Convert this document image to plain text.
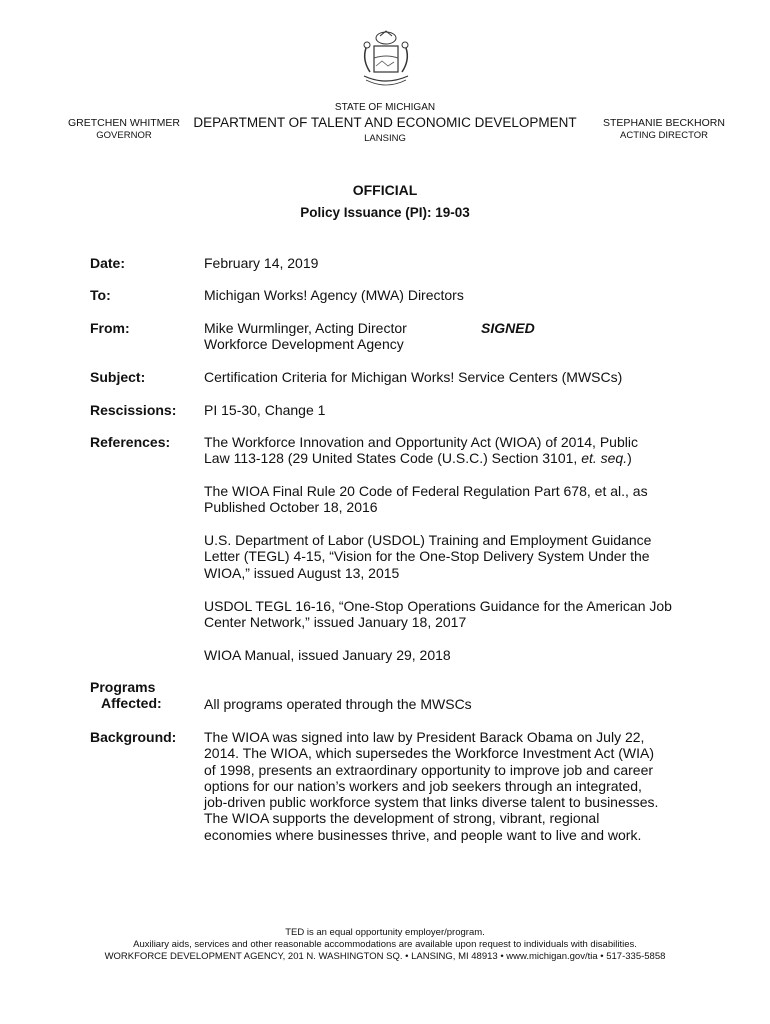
STATE OF MICHIGAN
DEPARTMENT OF TALENT AND ECONOMIC DEVELOPMENT
LANSING
GRETCHEN WHITMER
GOVERNOR
STEPHANIE BECKHORN
ACTING DIRECTOR
OFFICIAL
Policy Issuance (PI): 19-03
Date:	February 14, 2019
To:	Michigan Works! Agency (MWA) Directors
From:	Mike Wurmlinger, Acting Director
Workforce Development Agency
SIGNED
Subject:	Certification Criteria for Michigan Works! Service Centers (MWSCs)
Rescissions: PI 15-30, Change 1
References: The Workforce Innovation and Opportunity Act (WIOA) of 2014, Public
Law 113-128 (29 United States Code (U.S.C.) Section 3101, et. seq.)
The WIOA Final Rule 20 Code of Federal Regulation Part 678, et al., as Published October 18, 2016
U.S. Department of Labor (USDOL) Training and Employment Guidance Letter (TEGL) 4-15, “Vision for the One-Stop Delivery System Under the WIOA,” issued August 13, 2015
USDOL TEGL 16-16, “One-Stop Operations Guidance for the American Job Center Network,” issued January 18, 2017
WIOA Manual, issued January 29, 2018
Programs
Affected:	All programs operated through the MWSCs
Background: The WIOA was signed into law by President Barack Obama on July 22, 2014. The WIOA, which supersedes the Workforce Investment Act (WIA) of 1998, presents an extraordinary opportunity to improve job and career options for our nation’s workers and job seekers through an integrated, job-driven public workforce system that links diverse talent to businesses. The WIOA supports the development of strong, vibrant, regional economies where businesses thrive, and people want to live and work.
TED is an equal opportunity employer/program.
Auxiliary aids, services and other reasonable accommodations are available upon request to individuals with disabilities.
WORKFORCE DEVELOPMENT AGENCY, 201 N. WASHINGTON SQ. • LANSING, MI 48913 • www.michigan.gov/tia • 517-335-5858
